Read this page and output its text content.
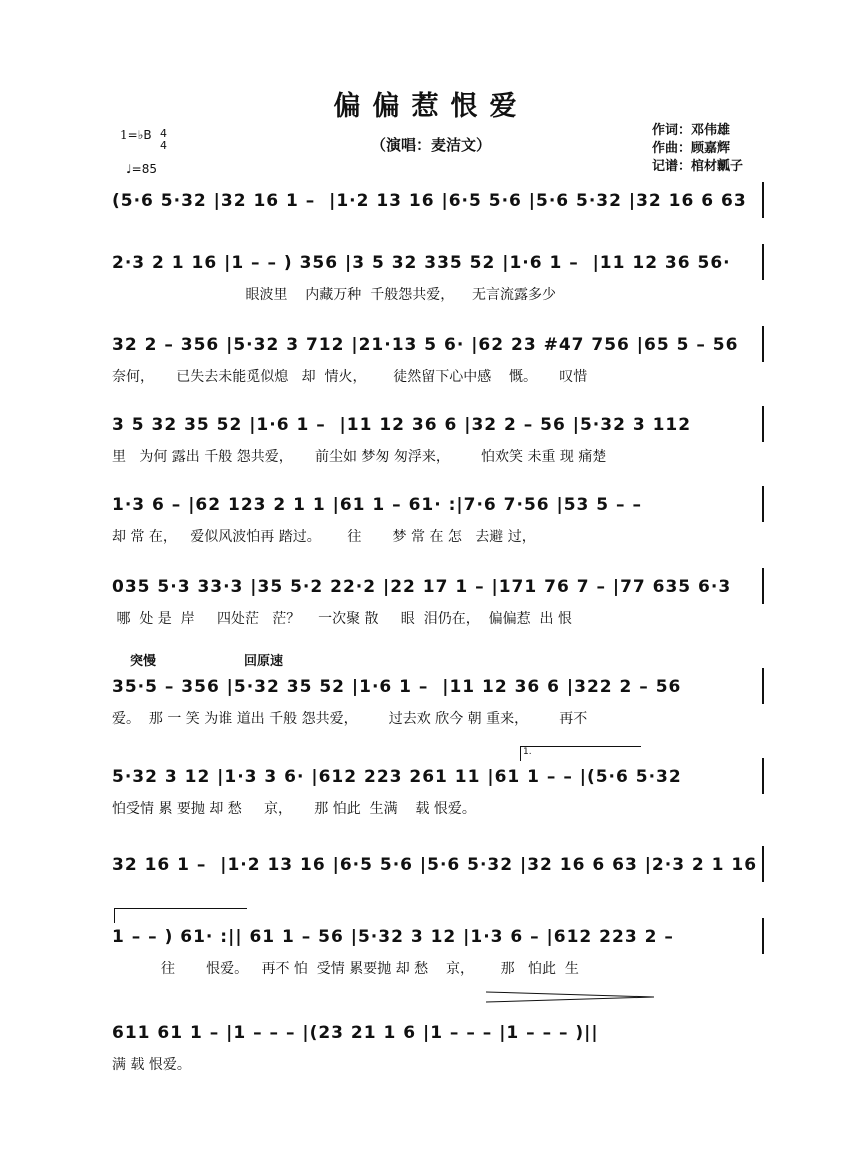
偏偏惹恨爱
（演唱：麦洁文）
作词：邓伟雄
作曲：顾嘉辉
记谱：棺材瓤子
1=♭B 4
4
♩=85
突慢	回原速
(5·6 5·32 |32 16 1 –  |1·2 13 16 |6·5 5·6 |5·6 5·32 |32 16 6 63
2·3 2 1 16 |1 – – ) 356 |3 5 32 335 52 |1·6 1 –  |11 12 36 56·
眼波里    内藏万种  千般怨共爱，    无言流露多少
32 2 – 356 |5·32 3 712 |21·13 5 6· |62 23 #47 756 |65 5 – 56
奈何，     已失去未能觅似熄   却  情火，      徒然留下心中感    慨。     叹惜
3 5 32 35 52 |1·6 1 –  |11 12 36 6 |32 2 – 56 |5·32 3 112
里   为何 露出 千般 怨共爱，     前尘如 梦匆 匆浮来，       怕欢笑 未重 现 痛楚
1·3 6 – |62 123 2 1 1 |61 1 – 61· :|7·6 7·56 |53 5 – –
却 常 在，   爱似风波怕再 踏过。      往       梦 常 在 怎   去避 过，
035 5·3 33·3 |35 5·2 22·2 |22 17 1 – |171 76 7 – |77 635 6·3
哪  处 是  岸     四处茫   茫？    一次聚 散     眼  泪仍在，  偏偏惹  出 恨
35·5 – 356 |5·32 35 52 |1·6 1 –  |11 12 36 6 |322 2 – 56
爱。  那 一 笑 为谁 道出 千般 怨共爱，       过去欢 欣今 朝 重来，       再不
1.
5·32 3 12 |1·3 3 6· |612 223 261 11 |61 1 – – |(5·6 5·32
怕受情 累 要抛 却 愁     京，     那 怕此  生满    载 恨爱。
32 16 1 –  |1·2 13 16 |6·5 5·6 |5·6 5·32 |32 16 6 63 |2·3 2 1 16
1 – – ) 61· :|| 61 1 – 56 |5·32 3 12 |1·3 6 – |612 223 2 –
往       恨爱。   再不 怕  受情 累要抛 却 愁    京，      那   怕此  生
611 61 1 – |1 – – – |(23 21 1 6 |1 – – – |1 – – – )||
满 载 恨爱。
